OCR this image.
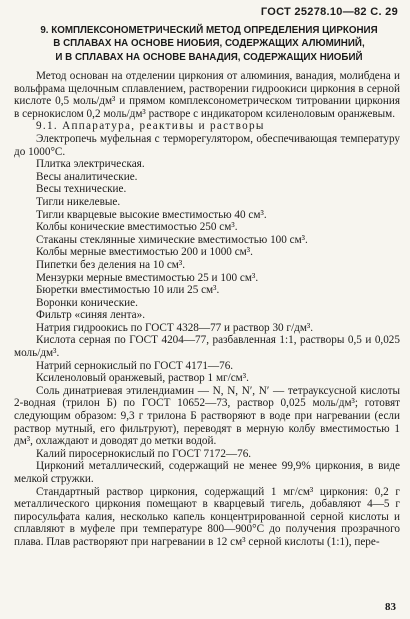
ГОСТ 25278.10—82 С. 29
9. КОМПЛЕКСОНОМЕТРИЧЕСКИЙ МЕТОД ОПРЕДЕЛЕНИЯ ЦИРКОНИЯ
В СПЛАВАХ НА ОСНОВЕ НИОБИЯ, СОДЕРЖАЩИХ АЛЮМИНИЙ,
И В СПЛАВАХ НА ОСНОВЕ ВАНАДИЯ, СОДЕРЖАЩИХ НИОБИЙ

Метод основан на отделении циркония от алюминия, ванадия, молибдена и вольфрама щелочным сплавлением, растворении гидроокиси циркония в серной кислоте 0,5 моль/дм³ и прямом комплексонометрическом титровании циркония в сернокислом 0,2 моль/дм³ растворе с индикатором ксиленоловым оранжевым.

9.1. Аппаратура, реактивы и растворы

Электропечь муфельная с терморегулятором, обеспечивающая температуру до 1000°С.

Плитка электрическая.

Весы аналитические.

Весы технические.

Тигли никелевые.

Тигли кварцевые высокие вместимостью 40 см³.

Колбы конические вместимостью 250 см³.

Стаканы стеклянные химические вместимостью 100 см³.

Колбы мерные вместимостью 200 и 1000 см³.

Пипетки без деления на 10 см³.

Мензурки мерные вместимостью 25 и 100 см³.

Бюретки вместимостью 10 или 25 см³.

Воронки конические.

Фильтр «синяя лента».

Натрия гидроокись по ГОСТ 4328—77 и раствор 30 г/дм³.

Кислота серная по ГОСТ 4204—77, разбавленная 1:1, растворы 0,5 и 0,025 моль/дм³.

Натрий сернокислый по ГОСТ 4171—76.

Ксиленоловый оранжевый, раствор 1 мг/см³.

Соль динатриевая этилендиамин — N, N, N′, N′ — тетрауксусной кислоты 2-водная (трилон Б) по ГОСТ 10652—73, раствор 0,025 моль/дм³; готовят следующим образом: 9,3 г трилона Б растворяют в воде при нагревании (если раствор мутный, его фильтруют), переводят в мерную колбу вместимостью 1 дм³, охлаждают и доводят до метки водой.

Калий пиросернокислый по ГОСТ 7172—76.

Цирконий металлический, содержащий не менее 99,9% циркония, в виде мелкой стружки.

Стандартный раствор циркония, содержащий 1 мг/см³ циркония: 0,2 г металлического циркония помещают в кварцевый тигель, добавляют 4—5 г пиросульфата калия, несколько капель концентрированной серной кислоты и сплавляют в муфеле при температуре 800—900°С до получения прозрачного плава. Плав растворяют при нагревании в 12 см³ серной кислоты (1:1), пере-

83
